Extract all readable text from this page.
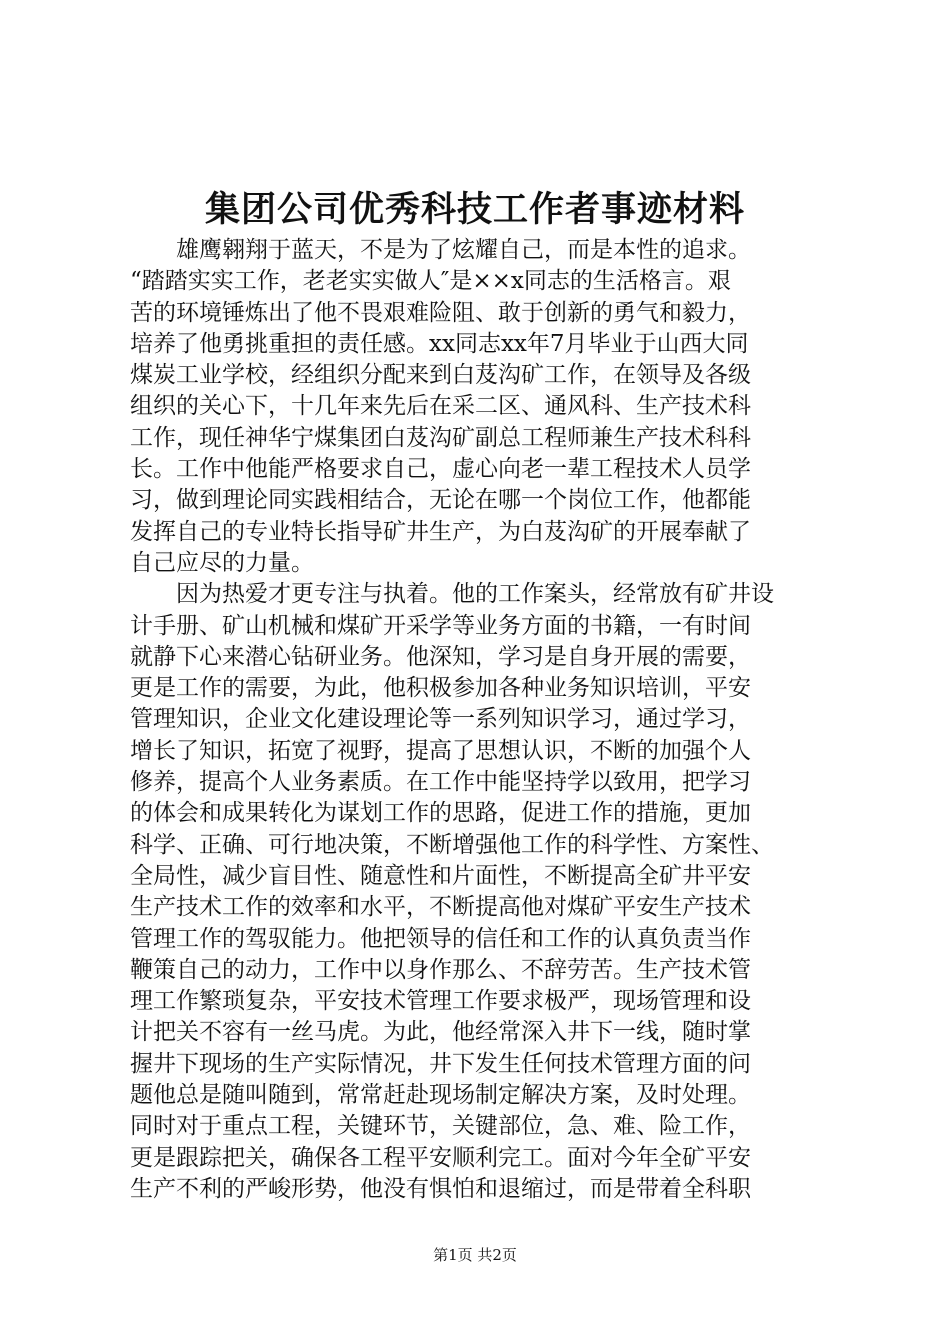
集团公司优秀科技工作者事迹材料

雄鹰翱翔于蓝天，不是为了炫耀自己，而是本性的追求。
“踏踏实实工作，老老实实做人″是××x同志的生活格言。艰
苦的环境锤炼出了他不畏艰难险阻、敢于创新的勇气和毅力，
培养了他勇挑重担的责任感。xx同志xx年7月毕业于山西大同
煤炭工业学校，经组织分配来到白芨沟矿工作，在领导及各级
组织的关心下，十几年来先后在采二区、通风科、生产技术科
工作，现任神华宁煤集团白芨沟矿副总工程师兼生产技术科科
长。工作中他能严格要求自己，虚心向老一辈工程技术人员学
习，做到理论同实践相结合，无论在哪一个岗位工作，他都能
发挥自己的专业特长指导矿井生产，为白芨沟矿的开展奉献了
自己应尽的力量。

因为热爱才更专注与执着。他的工作案头，经常放有矿井设
计手册、矿山机械和煤矿开采学等业务方面的书籍，一有时间
就静下心来潜心钻研业务。他深知，学习是自身开展的需要，
更是工作的需要，为此，他积极参加各种业务知识培训，平安
管理知识，企业文化建设理论等一系列知识学习，通过学习，
增长了知识，拓宽了视野，提高了思想认识，不断的加强个人
修养，提高个人业务素质。在工作中能坚持学以致用，把学习
的体会和成果转化为谋划工作的思路，促进工作的措施，更加
科学、正确、可行地决策，不断增强他工作的科学性、方案性、
全局性，减少盲目性、随意性和片面性，不断提高全矿井平安
生产技术工作的效率和水平，不断提高他对煤矿平安生产技术
管理工作的驾驭能力。他把领导的信任和工作的认真负责当作
鞭策自己的动力，工作中以身作那么、不辞劳苦。生产技术管
理工作繁琐复杂，平安技术管理工作要求极严，现场管理和设
计把关不容有一丝马虎。为此，他经常深入井下一线，随时掌
握井下现场的生产实际情况，井下发生任何技术管理方面的问
题他总是随叫随到，常常赶赴现场制定解决方案，及时处理。
同时对于重点工程，关键环节，关键部位，急、难、险工作，
更是跟踪把关，确保各工程平安顺利完工。面对今年全矿平安
生产不利的严峻形势，他没有惧怕和退缩过，而是带着全科职

第1页 共2页
